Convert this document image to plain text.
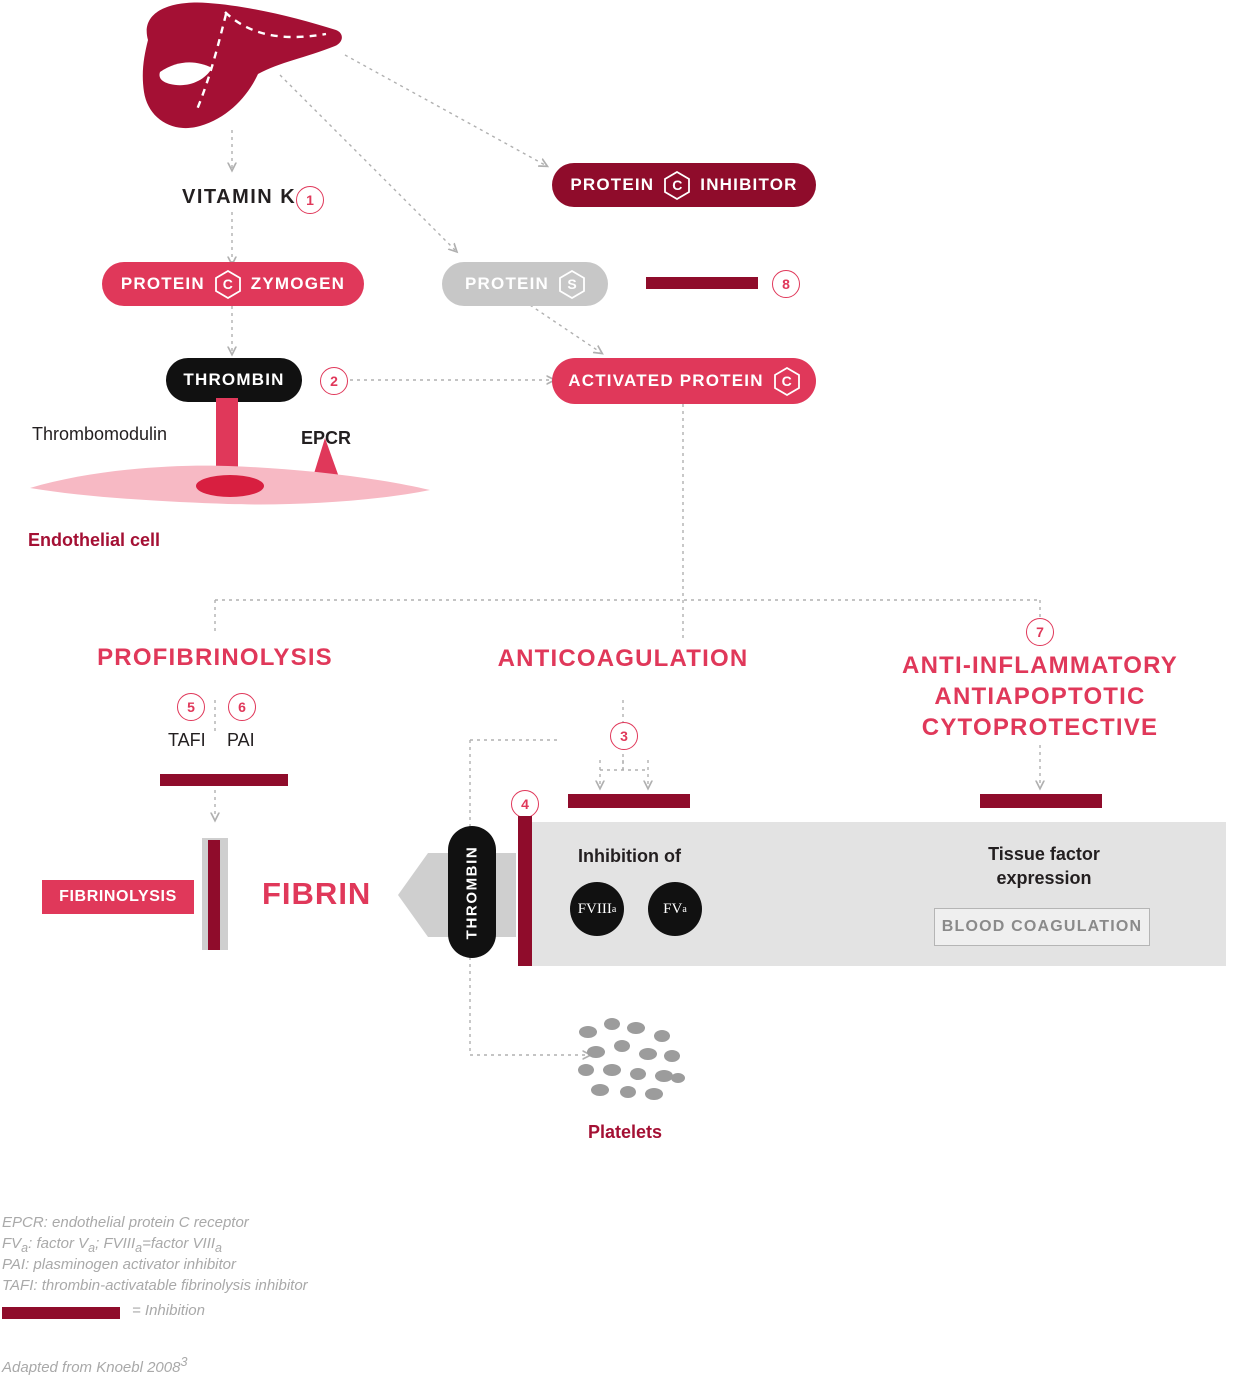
VITAMIN K 1
PROTEIN C ZYMOGEN
PROTEIN C INHIBITOR
PROTEIN S	8
THROMBIN	2	ACTIVATED PROTEIN C
Thrombomodulin	EPCR
Endothelial cell
PROFIBRINOLYSIS	ANTICOAGULATION	ANTI-INFLAMMATORY
ANTIAPOPTOTIC
CYTOPROTECTIVE
7
5	6
3
4
TAFI PAI
FIBRINOLYSIS	FIBRIN	THROMBIN	Inhibition of
FVIII a	FV a
Tissue factor
expression
BLOOD COAGULATION
Platelets
EPCR: endothelial protein C receptor
$FV_a$: factor $V_a$; $FVIII_a=factor$ $VIII_a$
PAI: plasminogen activator inhibitor
TAFI: thrombin-activatable fibrinolysis inhibitor
= Inhibition
Adapted from Knoebl 2008$^3$
